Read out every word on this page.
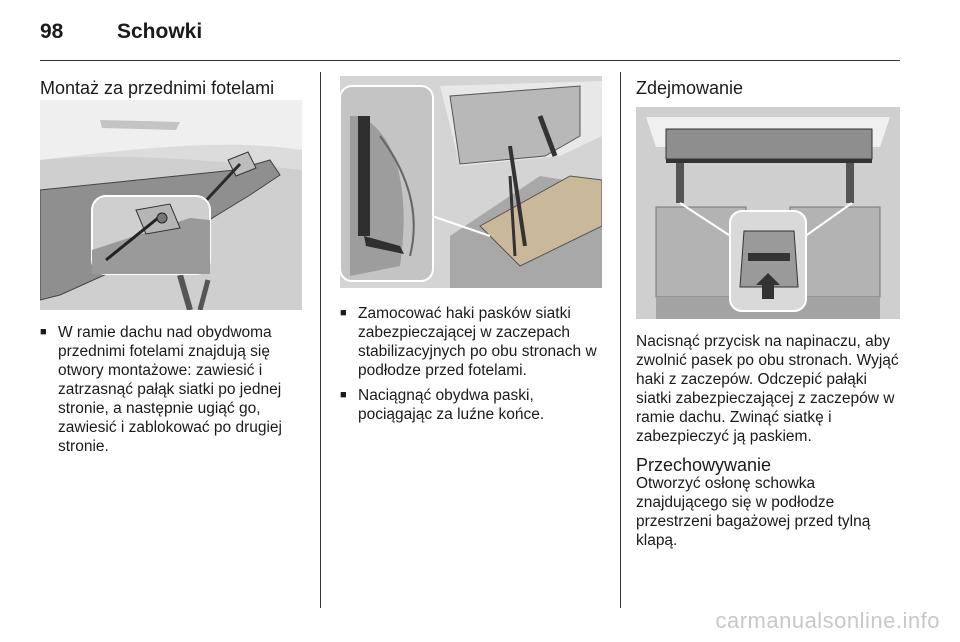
98	Schowki
Montaż za przednimi fotelami
■ W ramie dachu nad obydwoma przednimi fotelami znajdują się otwory montażowe: zawiesić i zatrzasnąć pałąk siatki po jednej stronie, a następnie ugiąć go, zawiesić i zablokować po drugiej stronie.
■ Zamocować haki pasków siatki zabezpieczającej w zaczepach stabilizacyjnych po obu stronach w podłodze przed fotelami.
■ Naciągnąć obydwa paski, pociągając za luźne końce.
Zdejmowanie
Nacisnąć przycisk na napinaczu, aby zwolnić pasek po obu stronach. Wyjąć haki z zaczepów. Odczepić pałąki siatki zabezpieczającej z zaczepów w ramie dachu. Zwinąć siatkę i zabezpieczyć ją paskiem.
Przechowywanie
Otworzyć osłonę schowka znajdującego się w podłodze przestrzeni bagażowej przed tylną klapą.
carmanualsonline.info
